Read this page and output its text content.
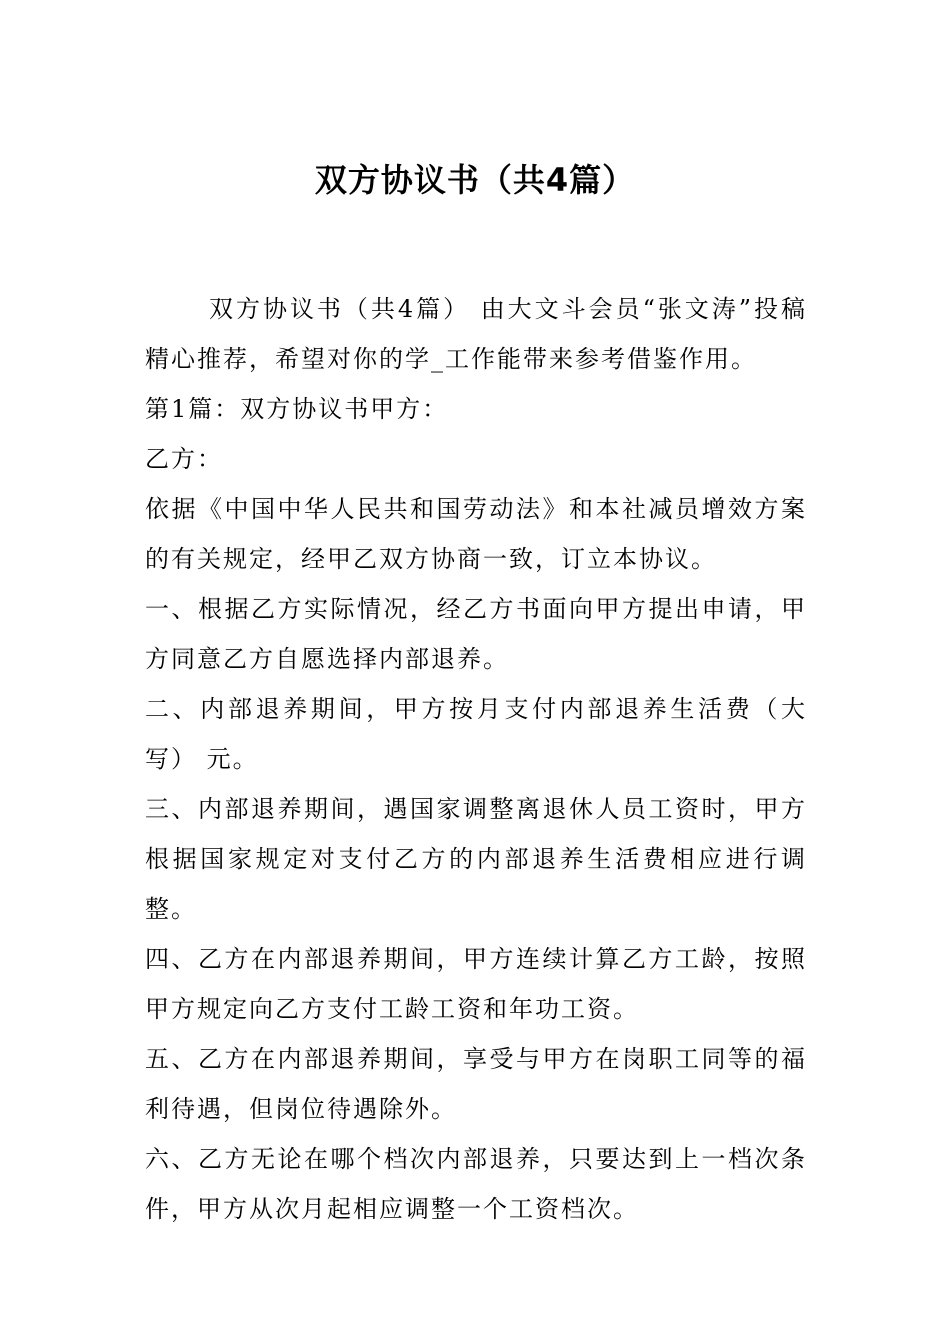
双方协议书（共4篇）

双方协议书（共4篇） 由大文斗会员“张文涛”投稿精心推荐，希望对你的学_工作能带来参考借鉴作用。

第1篇：双方协议书甲方：

乙方：

依据《中国中华人民共和国劳动法》和本社减员增效方案的有关规定，经甲乙双方协商一致，订立本协议。

一、根据乙方实际情况，经乙方书面向甲方提出申请，甲方同意乙方自愿选择内部退养。

二、内部退养期间，甲方按月支付内部退养生活费（大写） 元。

三、内部退养期间，遇国家调整离退休人员工资时，甲方根据国家规定对支付乙方的内部退养生活费相应进行调整。

四、乙方在内部退养期间，甲方连续计算乙方工龄，按照甲方规定向乙方支付工龄工资和年功工资。

五、乙方在内部退养期间，享受与甲方在岗职工同等的福利待遇，但岗位待遇除外。

六、乙方无论在哪个档次内部退养，只要达到上一档次条件，甲方从次月起相应调整一个工资档次。
